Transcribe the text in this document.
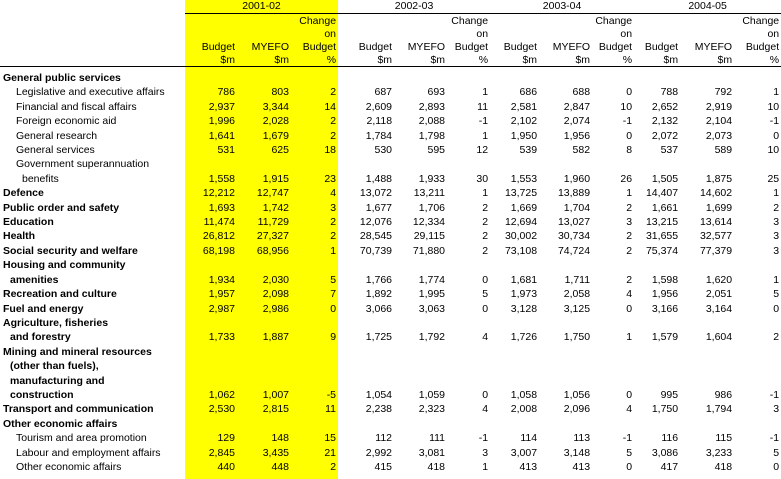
	2001-02			2002-03			2003-04			2004-05		
			Change			Change			Change			Change
			on			on			on			on
	Budget	MYEFO	Budget	Budget	MYEFO	Budget	Budget	MYEFO	Budget	Budget	MYEFO	Budget
	$m	$m	%	$m	$m	%	$m	$m	%	$m	$m	%

General public services												
Legislative and executive affairs	786	803	2	687	693	1	686	688	0	788	792	1
Financial and fiscal affairs	2,937	3,344	14	2,609	2,893	11	2,581	2,847	10	2,652	2,919	10
Foreign economic aid	1,996	2,028	2	2,118	2,088	-1	2,102	2,074	-1	2,132	2,104	-1
General research	1,641	1,679	2	1,784	1,798	1	1,950	1,956	0	2,072	2,073	0
General services	531	625	18	530	595	12	539	582	8	537	589	10
Government superannuation												
benefits	1,558	1,915	23	1,488	1,933	30	1,553	1,960	26	1,505	1,875	25
Defence	12,212	12,747	4	13,072	13,211	1	13,725	13,889	1	14,407	14,602	1
Public order and safety	1,693	1,742	3	1,677	1,706	2	1,669	1,704	2	1,661	1,699	2
Education	11,474	11,729	2	12,076	12,334	2	12,694	13,027	3	13,215	13,614	3
Health	26,812	27,327	2	28,545	29,115	2	30,002	30,734	2	31,655	32,577	3
Social security and welfare	68,198	68,956	1	70,739	71,880	2	73,108	74,724	2	75,374	77,379	3
Housing and community												
amenities	1,934	2,030	5	1,766	1,774	0	1,681	1,711	2	1,598	1,620	1
Recreation and culture	1,957	2,098	7	1,892	1,995	5	1,973	2,058	4	1,956	2,051	5
Fuel and energy	2,987	2,986	0	3,066	3,063	0	3,128	3,125	0	3,166	3,164	0
Agriculture, fisheries												
and forestry	1,733	1,887	9	1,725	1,792	4	1,726	1,750	1	1,579	1,604	2
Mining and mineral resources												
(other than fuels),												
manufacturing and												
construction	1,062	1,007	-5	1,054	1,059	0	1,058	1,056	0	995	986	-1
Transport and communication	2,530	2,815	11	2,238	2,323	4	2,008	2,096	4	1,750	1,794	3
Other economic affairs												
Tourism and area promotion	129	148	15	112	111	-1	114	113	-1	116	115	-1
Labour and employment affairs	2,845	3,435	21	2,992	3,081	3	3,007	3,148	5	3,086	3,233	5
Other economic affairs	440	448	2	415	418	1	413	413	0	417	418	0
